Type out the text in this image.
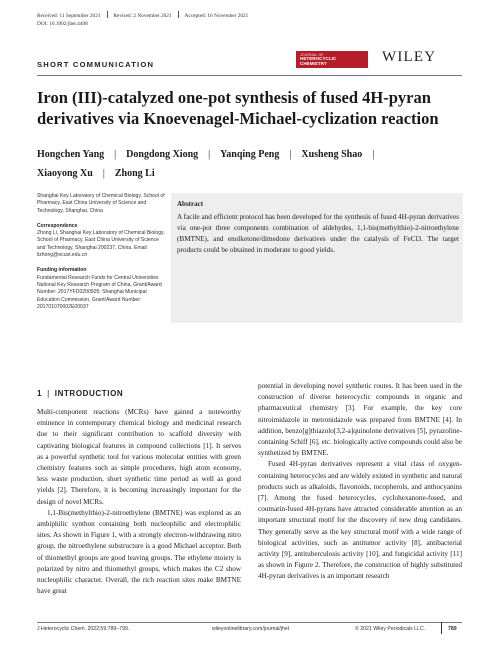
Received: 11 September 2021 Revised: 2 November 2021 Accepted: 16 November 2021
DOI: 10.1002/jhet.4408
SHORT COMMUNICATION
JOURNAL OF
HETEROCYCLIC
CHEMISTRY	WILEY
Iron (III)-catalyzed one-pot synthesis of fused 4H-pyran
derivatives via Knoevenagel-Michael-cyclization reaction
Hongchen Yang | Dongdong Xiong | Yanqing Peng | Xusheng Shao |
Xiaoyong Xu | Zhong Li

Shanghai Key Laboratory of Chemical Biology, School of Pharmacy, East China University of Science and Technology, Shanghai, China

Correspondence

Zhong Li, Shanghai Key Laboratory of Chemical Biology, School of Pharmacy, East China University of Science and Technology, Shanghai 200237, China. Email: lizhong@ecust.edu.cn

Funding information

Fundamental Research Funds for Central Universities National Key Research Program of China, Grant/Award Number: 2017YFD0200505; Shanghai Municipal Education Commission, Grant/Award Number: 201701070002E00037

Abstract
A facile and efficient protocol has been developed for the synthesis of fused 4H-pyran derivatives via one-pot three components combination of aldehydes, 1,1-bis(methylthio)-2-nitroethylene (BMTNE), and enolketone/dimedone derivatives under the catalysis of FeCl3. The target products could be obtained in moderate to good yields.
1 | INTRODUCTION

Multi-component reactions (MCRs) have gained a noteworthy eminence in contemporary chemical biology and medicinal research due to their significant contribution to scaffold diversity with captivating biological features in compound collections [1]. It serves as a powerful synthetic tool for various molecular entities with green chemistry features such as simple procedures, high atom economy, less waste production, short synthetic time period as well as good yields [2]. Therefore, it is becoming increasingly important for the design of novel MCRs.

1,1-Bis(methylthio)-2-nitroethylene (BMTNE) was explored as an ambiphilic synthon containing both nucleophilic and electrophilic sites. As shown in Figure 1, with a strongly electron-withdrawing nitro group, the nitroethylene substructure is a good Michael acceptor. Both of thiomethyl groups are good leaving groups. The ethylene moiety is polarized by nitro and thiomethyl groups, which makes the C2 show nucleophilic character. Overall, the rich reaction sites make BMTNE have great

potential in developing novel synthetic routes. It has been used in the construction of diverse heterocyclic compounds in organic and pharmaceutical chemistry [3]. For example, the key core nitroimidazole in metronidazole was prepared from BMTNE [4]. In addition, benzo[g]thiazolo[3,2-a]quinolone derivatives [5], pyrazoline-containing Schiff [6], etc. biologically active compounds could also be synthetized by BMTNE.

Fused 4H-pyran derivatives represent a vital class of oxygen-containing heterocycles and are widely existed in synthetic and natural products such as alkaloids, flavonoids, tocopherols, and anthocyanins [7]. Among the fused heterocycles, cyclohexanone-fused, and coumarin-fused 4H-pyrans have attracted considerable attention as an important structural motif for the discovery of new drug candidates. They generally serve as the key structural motif with a wide range of biological activities, such as antitumor activity [8], antibacterial activity [9], antituberculosis activity [10], and fungicidal activity [11] as shown in Figure 2. Therefore, the construction of highly substituted 4H-pyran derivatives is an important research

J Heterocyclic Chem. 2022;59:789–799.	wileyonlinelibrary.com/journal/jhet	© 2021 Wiley Periodicals LLC.	789
